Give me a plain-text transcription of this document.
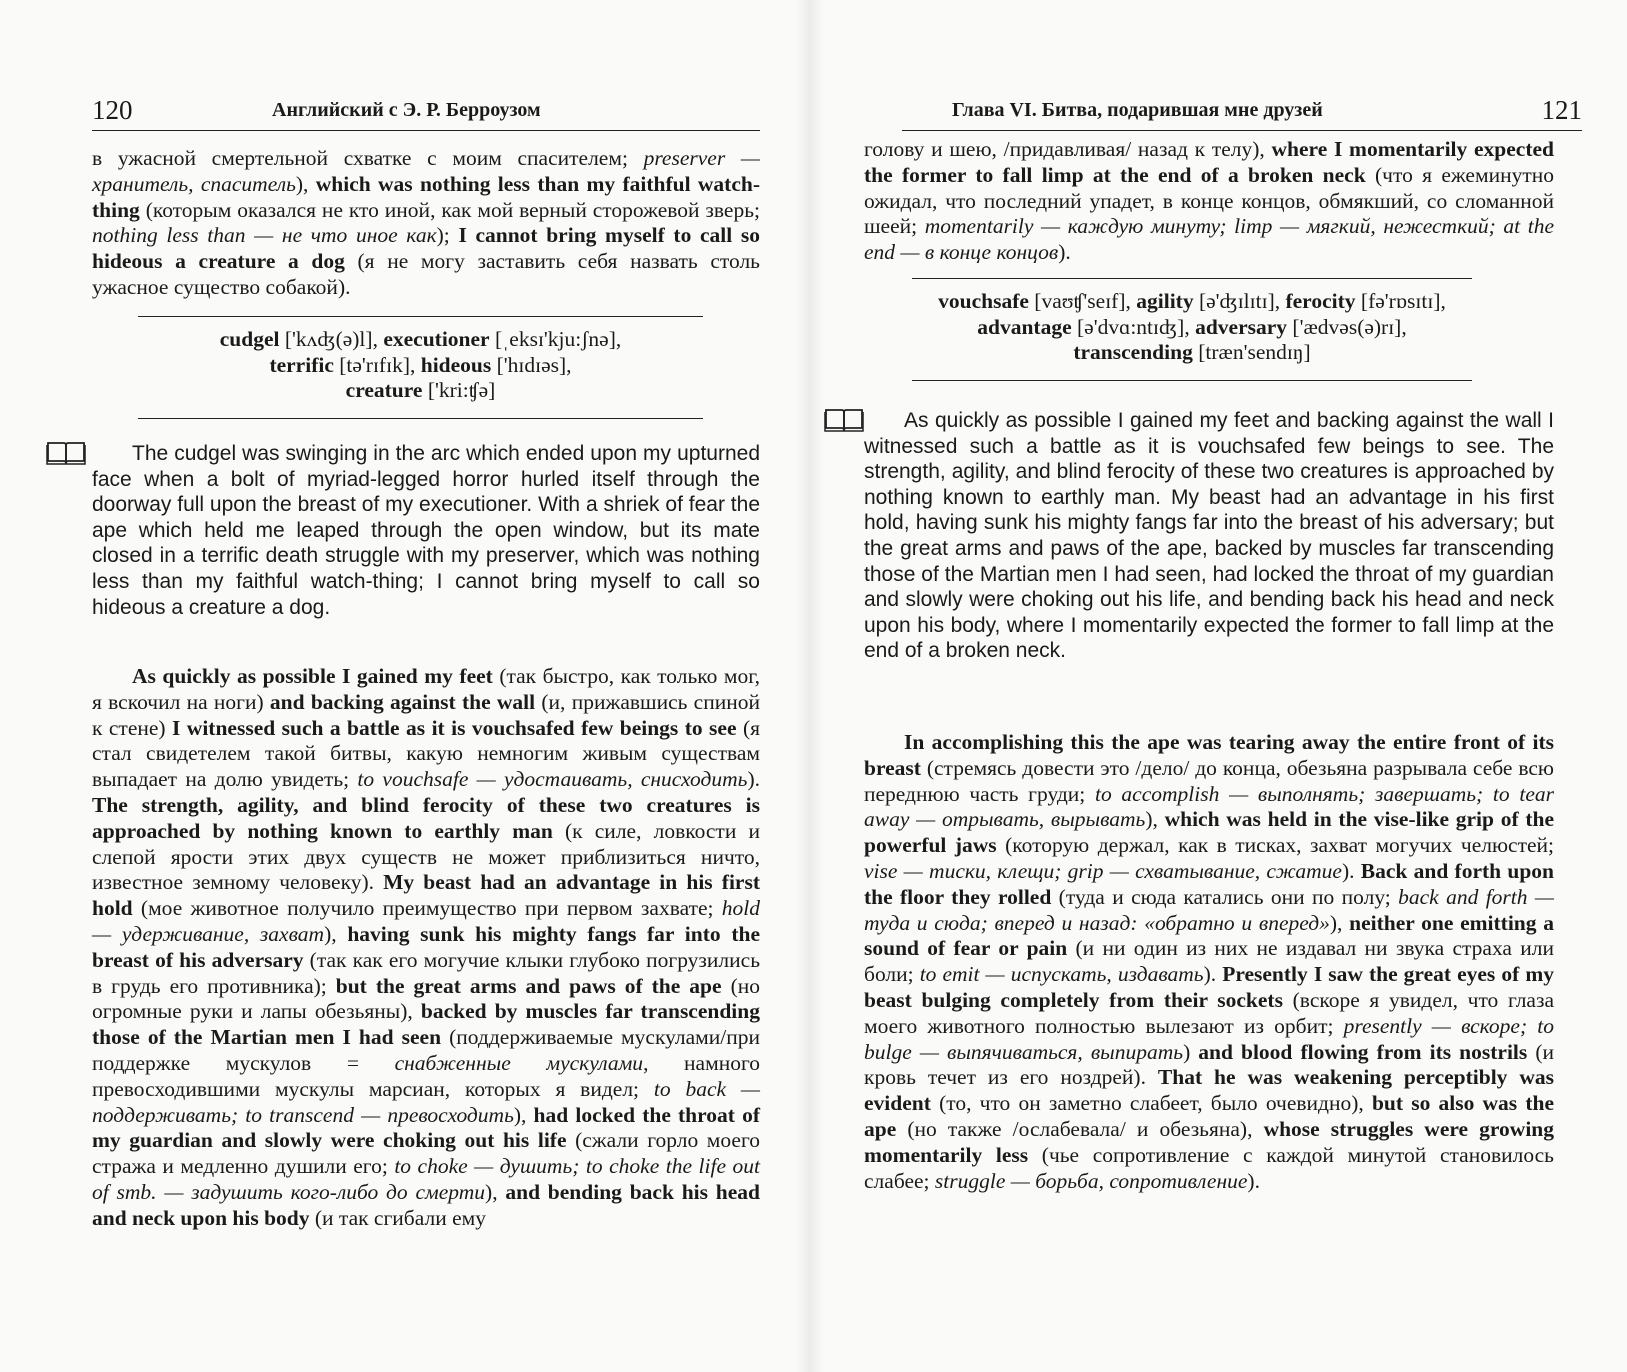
120	Английский с Э. Р. Берроузом

в ужасной смертельной схватке с моим спасителем; preserver — хранитель, спаситель), which was nothing less than my faithful watch-thing (которым оказался не кто иной, как мой верный сторожевой зверь; nothing less than — не что иное как); I cannot bring myself to call so hideous a creature a dog (я не могу заставить себя назвать столь ужасное существо собакой).

cudgel ['kʌʤ(ə)l], executioner [ˌeksɪ'kju:ʃnə],
terrific [tə'rɪfɪk], hideous ['hɪdɪəs],
creature ['kri:ʧə]

The cudgel was swinging in the arc which ended upon my upturned face when a bolt of myriad-legged horror hurled itself through the doorway full upon the breast of my executioner. With a shriek of fear the ape which held me leaped through the open window, but its mate closed in a terrific death struggle with my preserver, which was nothing less than my faithful watch-thing; I cannot bring myself to call so hideous a creature a dog.

As quickly as possible I gained my feet (так быстро, как только мог, я вскочил на ноги) and backing against the wall (и, прижавшись спиной к стене) I witnessed such a battle as it is vouchsafed few beings to see (я стал свидетелем такой битвы, какую немногим живым существам выпадает на долю увидеть; to vouchsafe — удостаивать, снисходить). The strength, agility, and blind ferocity of these two creatures is approached by nothing known to earthly man (к силе, ловкости и слепой ярости этих двух существ не может приблизиться ничто, известное земному человеку). My beast had an advantage in his first hold (мое животное получило преимущество при первом захвате; hold — удерживание, захват), having sunk his mighty fangs far into the breast of his adversary (так как его могучие клыки глубоко погрузились в грудь его противника); but the great arms and paws of the ape (но огромные руки и лапы обезьяны), backed by muscles far transcending those of the Martian men I had seen (поддерживаемые мускулами/при поддержке мускулов = снабженные мускулами, намного превосходившими мускулы марсиан, которых я видел; to back — поддерживать; to transcend — превосходить), had locked the throat of my guardian and slowly were choking out his life (сжали горло моего стража и медленно душили его; to choke — душить; to choke the life out of smb. — задушить кого-либо до смерти), and bending back his head and neck upon his body (и так сгибали ему

Глава VI. Битва, подарившая мне друзей	121

голову и шею, /придавливая/ назад к телу), where I momentarily expected the former to fall limp at the end of a broken neck (что я ежеминутно ожидал, что последний упадет, в конце концов, обмякший, со сломанной шеей; momentarily — каждую минуту; limp — мягкий, нежесткий; at the end — в конце концов).

vouchsafe [vaʊʧ'seɪf], agility [ə'ʤɪlɪtɪ], ferocity [fə'rɒsɪtɪ],
advantage [ə'dvɑ:ntɪʤ], adversary ['ædvəs(ə)rɪ],
transcending [træn'sendɪŋ]

As quickly as possible I gained my feet and backing against the wall I witnessed such a battle as it is vouchsafed few beings to see. The strength, agility, and blind ferocity of these two creatures is approached by nothing known to earthly man. My beast had an advantage in his first hold, having sunk his mighty fangs far into the breast of his adversary; but the great arms and paws of the ape, backed by muscles far transcending those of the Martian men I had seen, had locked the throat of my guardian and slowly were choking out his life, and bending back his head and neck upon his body, where I momentarily expected the former to fall limp at the end of a broken neck.

In accomplishing this the ape was tearing away the entire front of its breast (стремясь довести это /дело/ до конца, обезьяна разрывала себе всю переднюю часть груди; to accomplish — выполнять; завершать; to tear away — отрывать, вырывать), which was held in the vise-like grip of the powerful jaws (которую держал, как в тисках, захват могучих челюстей; vise — тиски, клещи; grip — схватывание, сжатие). Back and forth upon the floor they rolled (туда и сюда катались они по полу; back and forth — туда и сюда; вперед и назад: «обратно и вперед»), neither one emitting a sound of fear or pain (и ни один из них не издавал ни звука страха или боли; to emit — испускать, издавать). Presently I saw the great eyes of my beast bulging completely from their sockets (вскоре я увидел, что глаза моего животного полностью вылезают из орбит; presently — вскоре; to bulge — выпячиваться, выпирать) and blood flowing from its nostrils (и кровь течет из его ноздрей). That he was weakening perceptibly was evident (то, что он заметно слабеет, было очевидно), but so also was the ape (но также /ослабевала/ и обезьяна), whose struggles were growing momentarily less (чье сопротивление с каждой минутой становилось слабее; struggle — борьба, сопротивление).
